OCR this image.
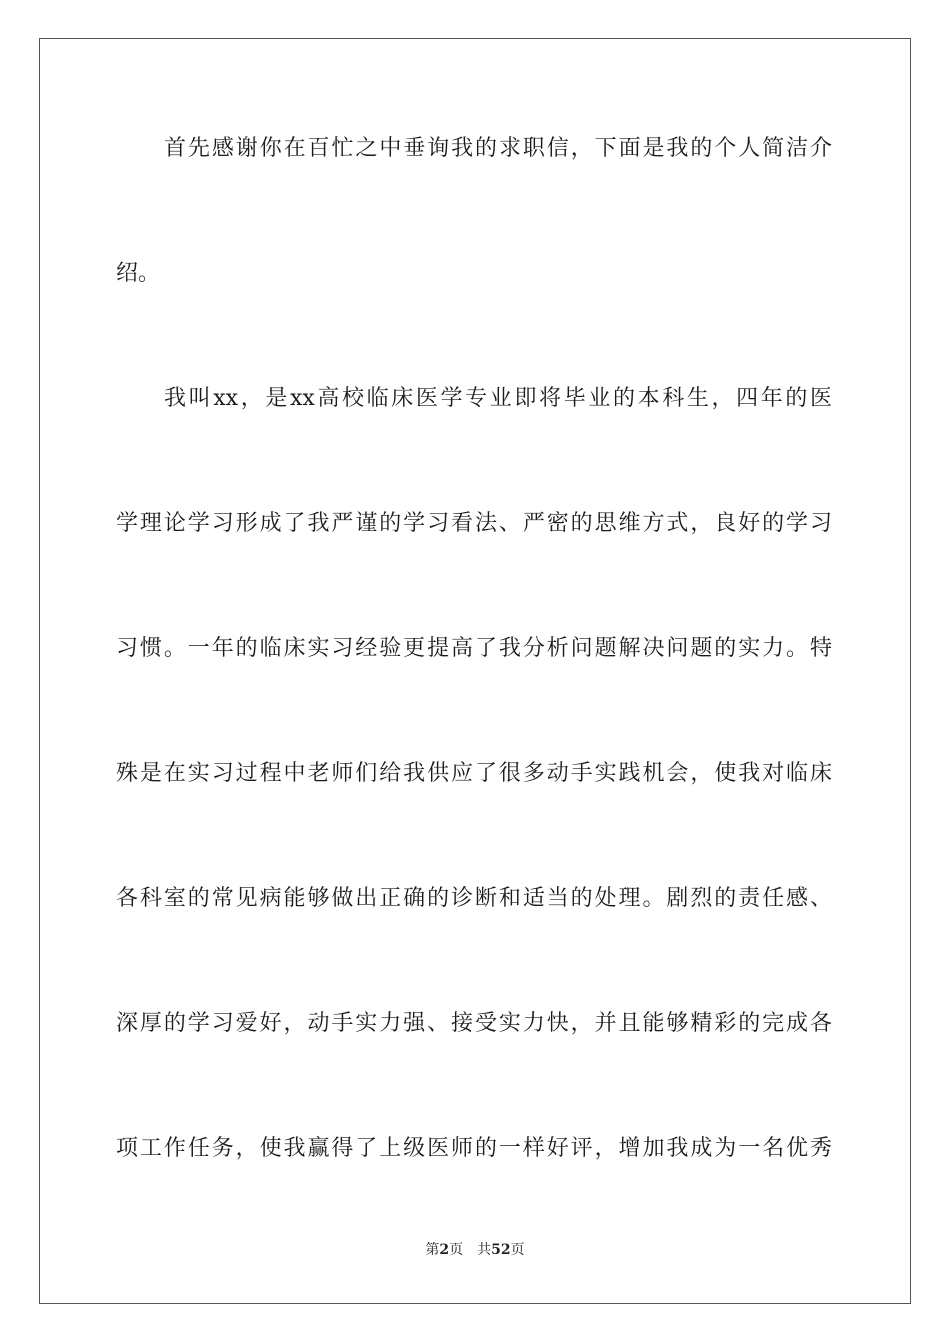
首先感谢你在百忙之中垂询我的求职信，下面是我的个人简洁介
绍。
我叫xx，是xx高校临床医学专业即将毕业的本科生，四年的医
学理论学习形成了我严谨的学习看法、严密的思维方式，良好的学习
习惯。一年的临床实习经验更提高了我分析问题解决问题的实力。特
殊是在实习过程中老师们给我供应了很多动手实践机会，使我对临床
各科室的常见病能够做出正确的诊断和适当的处理。剧烈的责任感、
深厚的学习爱好，动手实力强、接受实力快，并且能够精彩的完成各
项工作任务，使我赢得了上级医师的一样好评，增加我成为一名优秀
第2页 共52页
